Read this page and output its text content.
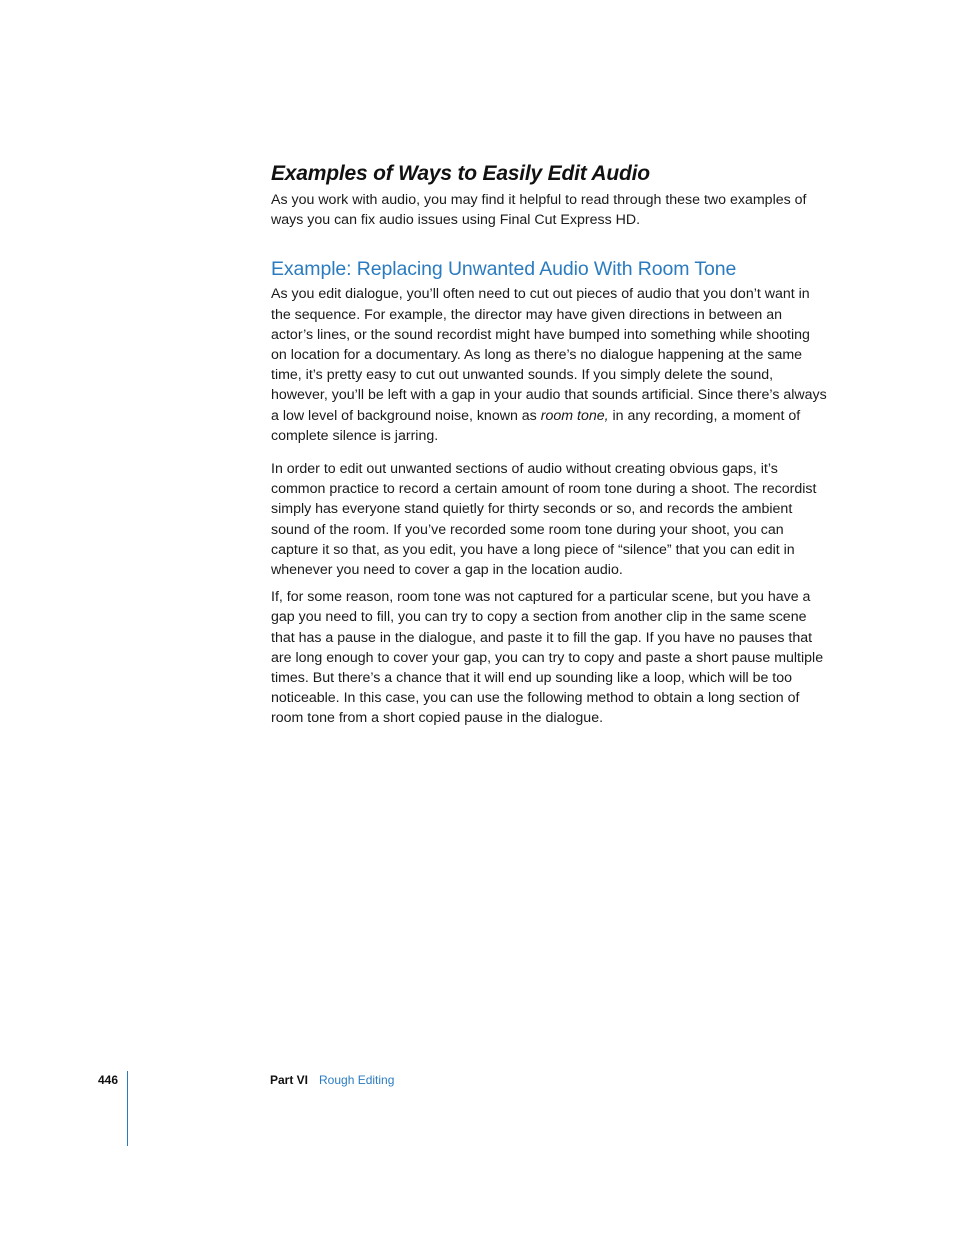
Examples of Ways to Easily Edit Audio

As you work with audio, you may find it helpful to read through these two examples of ways you can fix audio issues using Final Cut Express HD.

Example: Replacing Unwanted Audio With Room Tone

As you edit dialogue, you’ll often need to cut out pieces of audio that you don’t want in the sequence. For example, the director may have given directions in between an actor’s lines, or the sound recordist might have bumped into something while shooting on location for a documentary. As long as there’s no dialogue happening at the same time, it’s pretty easy to cut out unwanted sounds. If you simply delete the sound, however, you’ll be left with a gap in your audio that sounds artificial. Since there’s always a low level of background noise, known as room tone, in any recording, a moment of complete silence is jarring.

In order to edit out unwanted sections of audio without creating obvious gaps, it’s common practice to record a certain amount of room tone during a shoot. The recordist simply has everyone stand quietly for thirty seconds or so, and records the ambient sound of the room. If you’ve recorded some room tone during your shoot, you can capture it so that, as you edit, you have a long piece of “silence” that you can edit in whenever you need to cover a gap in the location audio.

If, for some reason, room tone was not captured for a particular scene, but you have a gap you need to fill, you can try to copy a section from another clip in the same scene that has a pause in the dialogue, and paste it to fill the gap. If you have no pauses that are long enough to cover your gap, you can try to copy and paste a short pause multiple times. But there’s a chance that it will end up sounding like a loop, which will be too noticeable. In this case, you can use the following method to obtain a long section of room tone from a short copied pause in the dialogue.

446	Part VI Rough Editing
